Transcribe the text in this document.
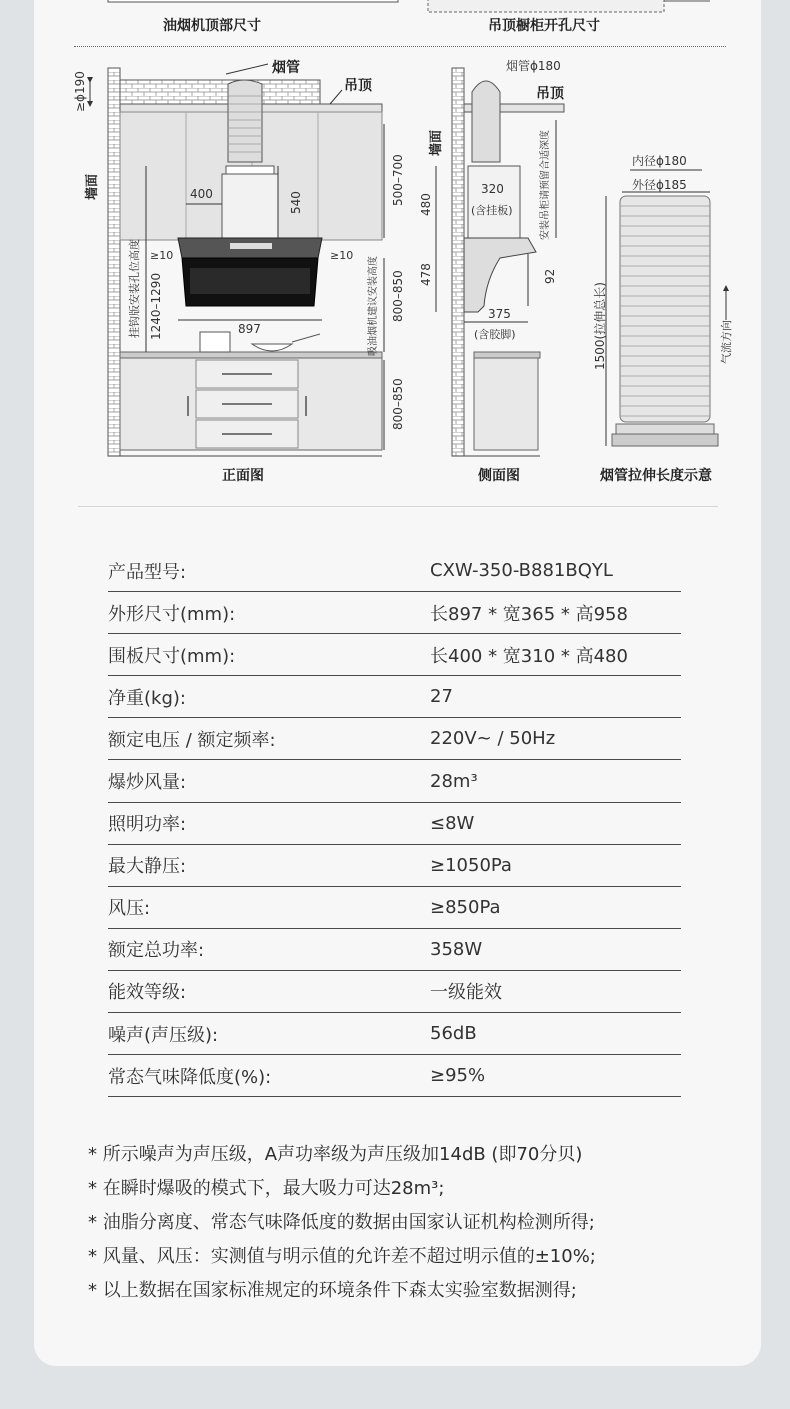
油烟机顶部尺寸	吊顶橱柜开孔尺寸
≥ϕ190
烟管
吊顶
墙面	400	540	500–700
≥10	≥10
1240–1290
挂钩版安装孔位高度	897
800–850
吸油烟机建议安装高度
800–850
烟管ϕ180
吊顶
墙面
320
(含挂板)	安装吊柜请预留合适深度
480
478	92
375
(含胶脚)
内径ϕ180
外径ϕ185
1500(拉伸总长)	气流方向
正面图	侧面图	烟管拉伸长度示意
产品型号:	CXW-350-B881BQYL
外形尺寸(mm):	长897 * 宽365 * 高958
围板尺寸(mm):	长400 * 宽310 * 高480
净重(kg):	27
额定电压 / 额定频率:	220V~ / 50Hz
爆炒风量:	28m³
照明功率:	≤8W
最大静压:	≥1050Pa
风压:	≥850Pa
额定总功率:	358W
能效等级:	一级能效
噪声(声压级):	56dB
常态气味降低度(%):	≥95%
* 所示噪声为声压级，A声功率级为声压级加14dB (即70分贝)
* 在瞬时爆吸的模式下，最大吸力可达28m³;
* 油脂分离度、常态气味降低度的数据由国家认证机构检测所得;
* 风量、风压：实测值与明示值的允许差不超过明示值的±10%;
* 以上数据在国家标准规定的环境条件下森太实验室数据测得;
